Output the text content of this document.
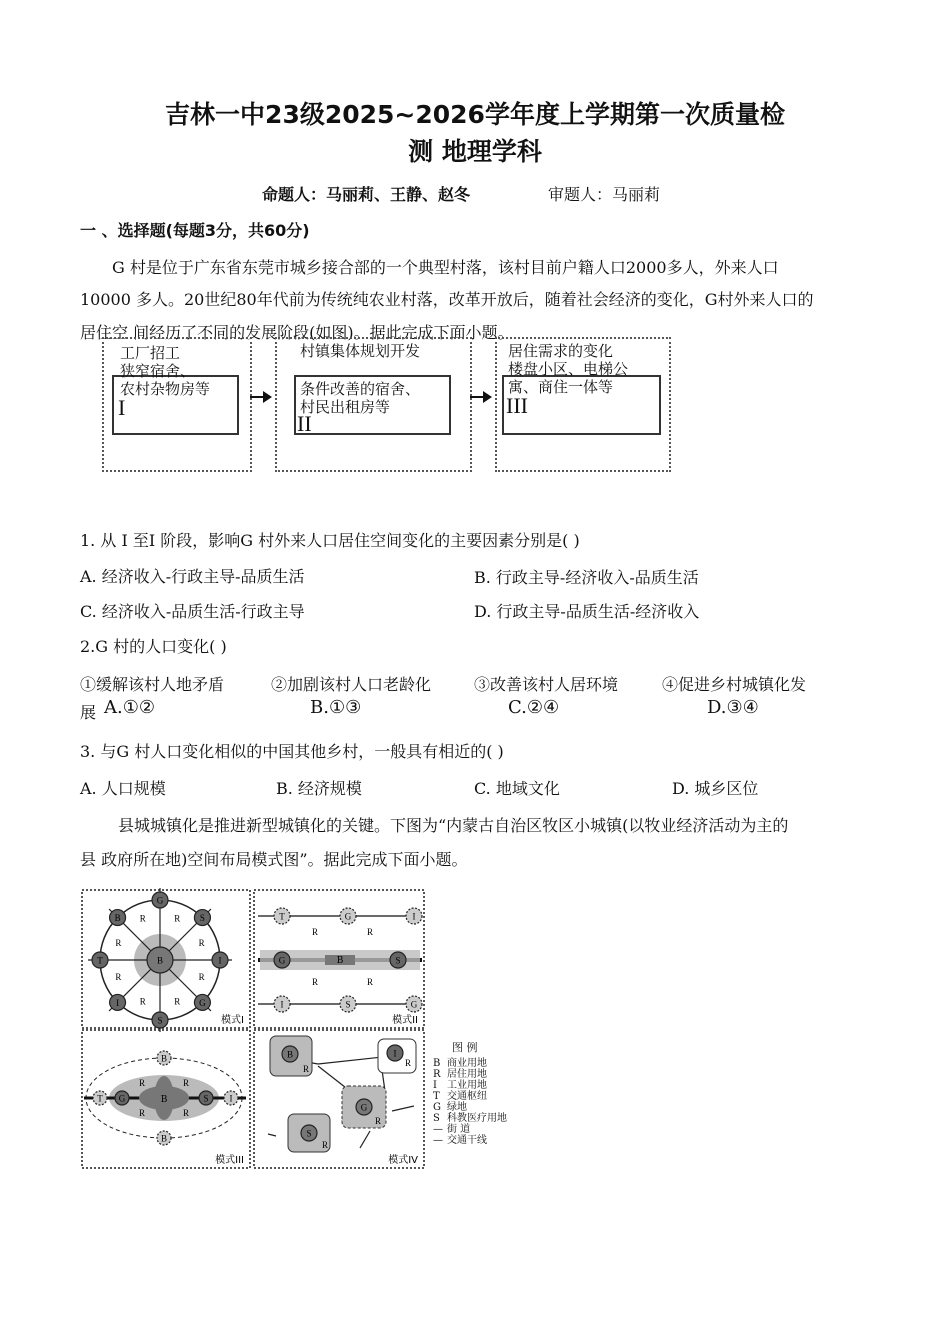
吉林一中23级2025~2026学年度上学期第一次质量检
测 地理学科
命题人：马丽莉、王静、赵冬	审题人：马丽莉
一 、选择题(每题3分，共60分)
G 村是位于广东省东莞市城乡接合部的一个典型村落，该村目前户籍人口2000多人，外来人口
10000 多人。20世纪80年代前为传统纯农业村落，改革开放后，随着社会经济的变化，G村外来人口的
居住空 间经历了不同的发展阶段(如图)。据此完成下面小题。
工厂招工
狭窄宿舍、
农村杂物房等
I
村镇集体规划开发
条件改善的宿舍、
村民出租房等
II
居住需求的变化
楼盘小区、电梯公
寓、商住一体等
III
1. 从 I 至I 阶段，影响G 村外来人口居住空间变化的主要因素分别是( )
A. 经济收入-行政主导-品质生活	B. 行政主导-经济收入-品质生活
C. 经济收入-品质生活-行政主导	D. 行政主导-品质生活-经济收入
2.G 村的人口变化( )
①缓解该村人地矛盾	②加剧该村人口老龄化	③改善该村人居环境	④促进乡村城镇化发
展 A.①②	B.①③	C.②④	D.③④
3. 与G 村人口变化相似的中国其他乡村，一般具有相近的( )
A. 人口规模	B. 经济规模	C. 地域文化	D. 城乡区位
县城城镇化是推进新型城镇化的关键。下图为“内蒙古自治区牧区小城镇(以牧业经济活动为主的
县 政府所在地)空间布局模式图”。据此完成下面小题。
模式I	模式II
模式III	模式IV
G
R S
R
I
R
G
R
S
R
I
R
T
R
B R
B
T	G	I
I	S	G
G	B	S
R	R
R	R
T G	B	S I
B
B
R	R
R	R
B
S
G
I
R
R
R
R
图 例
B 商业用地
R 居住用地
I 工业用地
T 交通枢纽
G 绿地
S 科教医疗用地
— 街 道
— 交通干线
